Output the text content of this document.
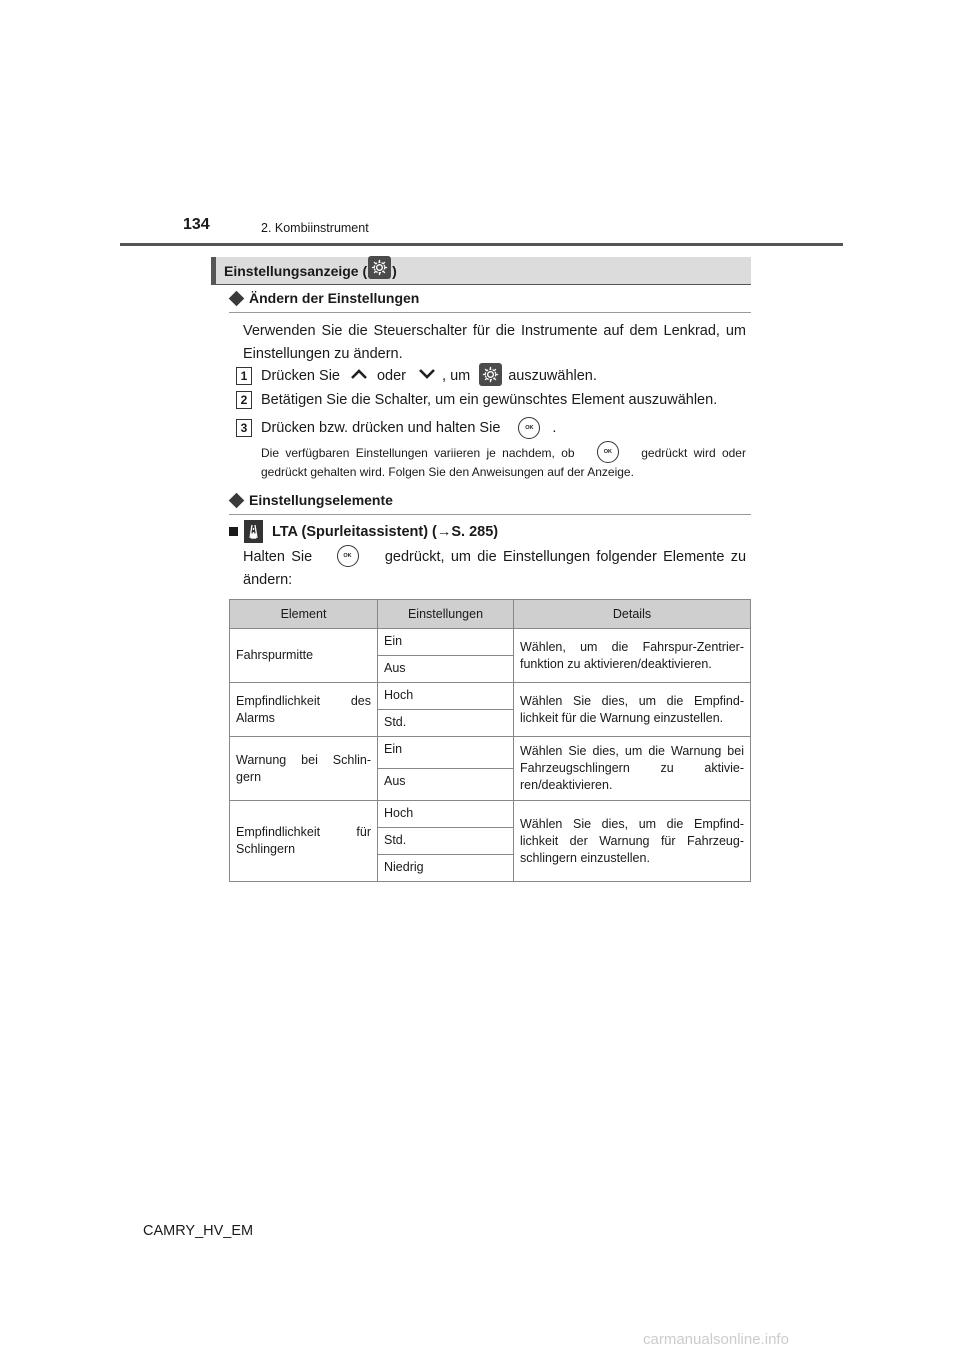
134	2. Kombiinstrument
Einstellungsanzeige ( )
Ändern der Einstellungen
Verwenden Sie die Steuerschalter für die Instrumente auf dem Lenkrad, um Einstellungen zu ändern.
1 Drücken Sie	oder , um	auszuwählen.
2 Betätigen Sie die Schalter, um ein gewünschtes Element auszuwählen.
3 Drücken bzw. drücken und halten Sie	OK	.
Die verfügbaren Einstellungen variieren je nachdem, ob	OK gedrückt wird oder gedrückt gehalten wird. Folgen Sie den Anweisungen auf der Anzeige.
Einstellungselemente
LTA (Spurleitassistent) (→S. 285)
Halten Sie	OK gedrückt, um die Einstellungen folgender Elemente zu ändern:
Element	Einstellungen	Details
Fahrspurmitte	Ein	Wählen, um die Fahrspur-Zentrier-funktion zu aktivieren/deaktivieren.
	Aus	
Empfindlichkeit des Alarms	Hoch	Wählen Sie dies, um die Empfind-lichkeit für die Warnung einzustellen.
	Std.	
Warnung bei Schlin-gern	Ein	Wählen Sie dies, um die Warnung bei Fahrzeugschlingern zu aktivie-ren/deaktivieren.
	Aus	
Empfindlichkeit für Schlingern	Hoch	Wählen Sie dies, um die Empfind-lichkeit der Warnung für Fahrzeug-schlingern einzustellen.
	Std.	
	Niedrig	
CAMRY_HV_EM
carmanualsonline.info
